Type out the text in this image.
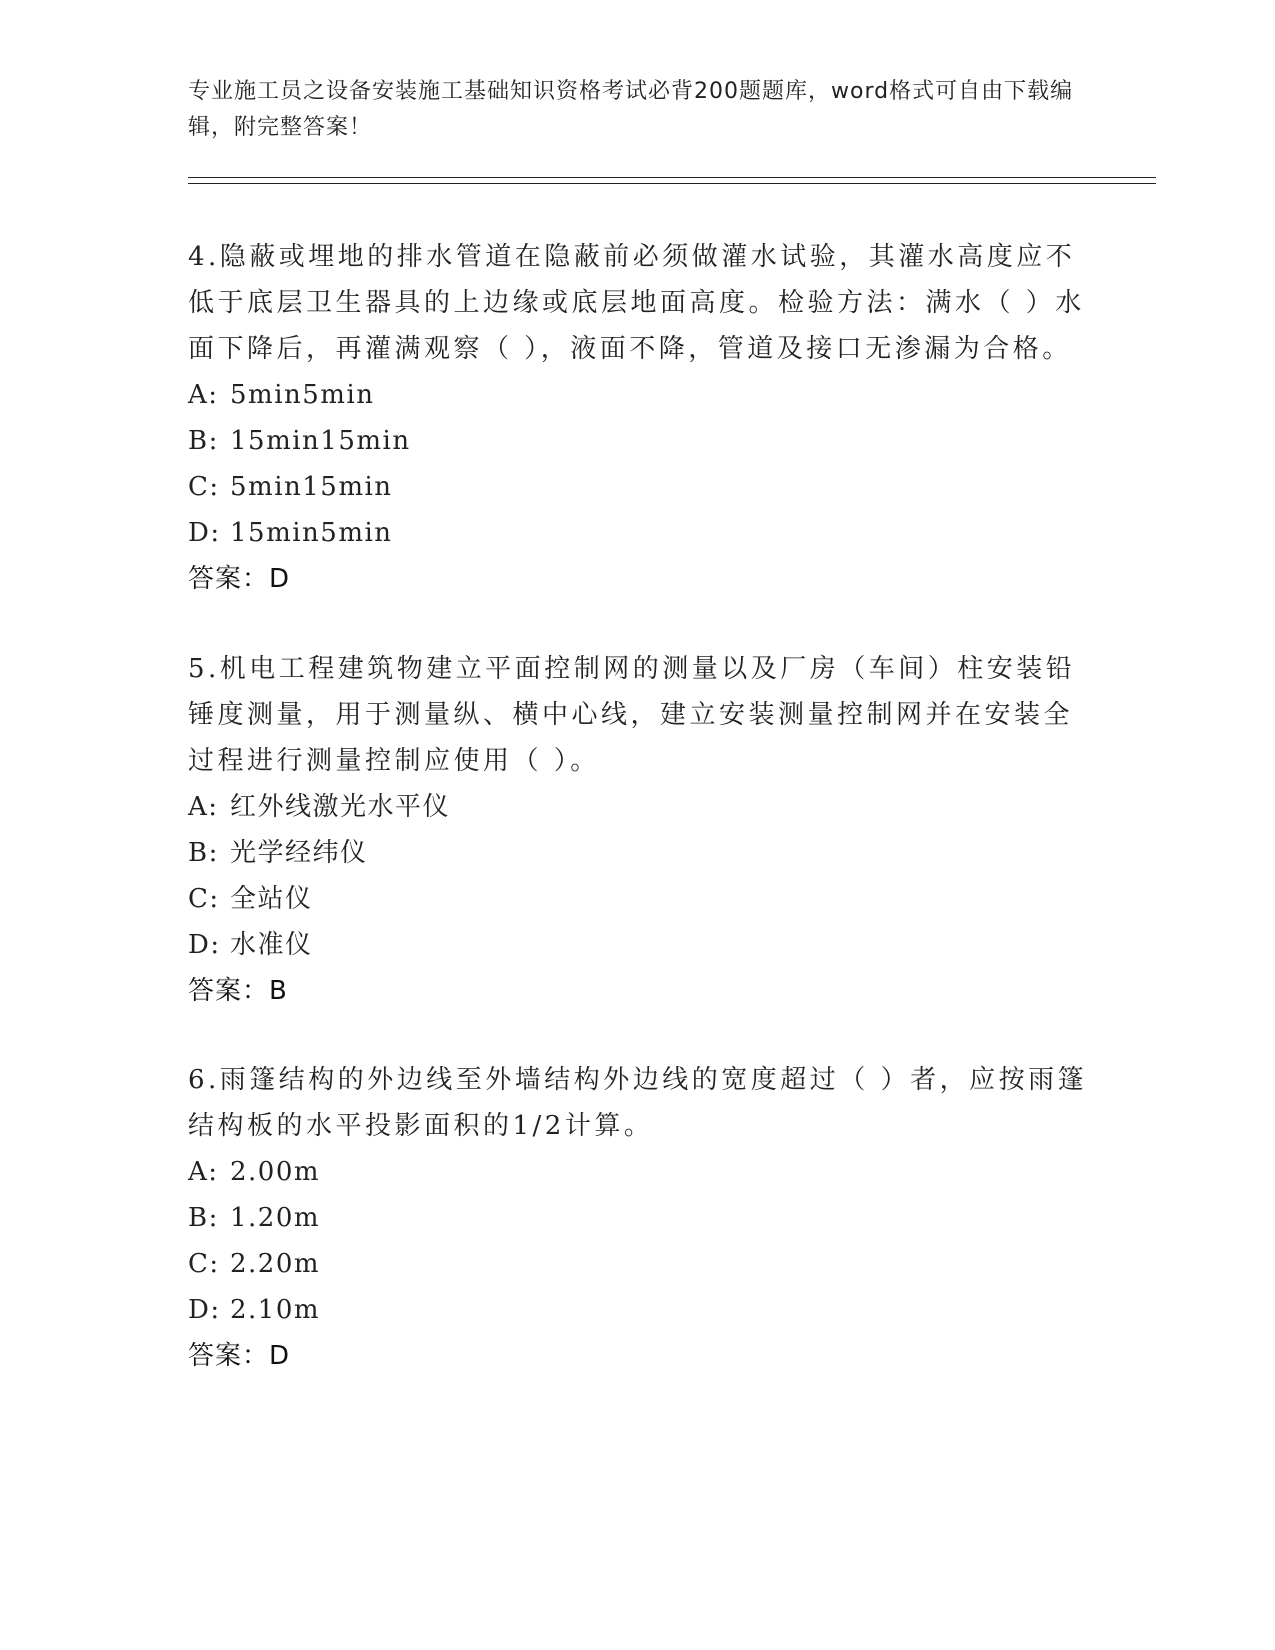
专业施工员之设备安装施工基础知识资格考试必背200题题库，word格式可自由下载编辑，附完整答案！

4.隐蔽或埋地的排水管道在隐蔽前必须做灌水试验，其灌水高度应不低于底层卫生器具的上边缘或底层地面高度。检验方法：满水（ ）水面下降后，再灌满观察（ ），液面不降，管道及接口无渗漏为合格。

A: 5min5min

B: 15min15min

C: 5min15min

D: 15min5min

答案：D

5.机电工程建筑物建立平面控制网的测量以及厂房（车间）柱安装铅锤度测量，用于测量纵、横中心线，建立安装测量控制网并在安装全过程进行测量控制应使用（ ）。

A: 红外线激光水平仪

B: 光学经纬仪

C: 全站仪

D: 水准仪

答案：B

6.雨篷结构的外边线至外墙结构外边线的宽度超过（ ）者，应按雨篷结构板的水平投影面积的1/2计算。

A: 2.00m

B: 1.20m

C: 2.20m

D: 2.10m

答案：D
